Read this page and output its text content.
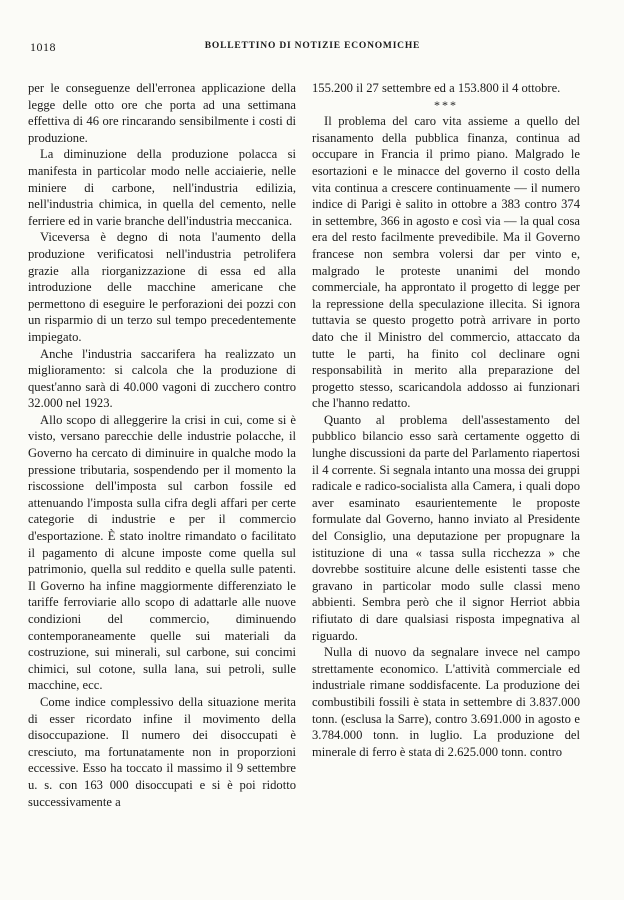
1018	BOLLETTINO DI NOTIZIE ECONOMICHE

per le conseguenze dell'erronea applicazione della legge delle otto ore che porta ad una settimana effettiva di 46 ore rincarando sensibilmente i costi di produzione.

La diminuzione della produzione polacca si manifesta in particolar modo nelle acciaierie, nelle miniere di carbone, nell'industria edilizia, nell'industria chimica, in quella del cemento, nelle ferriere ed in varie branche dell'industria meccanica.

Viceversa è degno di nota l'aumento della produzione verificatosi nell'industria petrolifera grazie alla riorganizzazione di essa ed alla introduzione delle macchine americane che permettono di eseguire le perforazioni dei pozzi con un risparmio di un terzo sul tempo precedentemente impiegato.

Anche l'industria saccarifera ha realizzato un miglioramento: si calcola che la produzione di quest'anno sarà di 40.000 vagoni di zucchero contro 32.000 nel 1923.

Allo scopo di alleggerire la crisi in cui, come si è visto, versano parecchie delle industrie polacche, il Governo ha cercato di diminuire in qualche modo la pressione tributaria, sospendendo per il momento la riscossione dell'imposta sul carbon fossile ed attenuando l'imposta sulla cifra degli affari per certe categorie di industrie e per il commercio d'esportazione. È stato inoltre rimandato o facilitato il pagamento di alcune imposte come quella sul patrimonio, quella sul reddito e quella sulle patenti. Il Governo ha infine maggiormente differenziato le tariffe ferroviarie allo scopo di adattarle alle nuove condizioni del commercio, diminuendo contemporaneamente quelle sui materiali da costruzione, sui minerali, sul carbone, sui concimi chimici, sul cotone, sulla lana, sui petroli, sulle macchine, ecc.

Come indice complessivo della situazione merita di esser ricordato infine il movimento della disoccupazione. Il numero dei disoccupati è cresciuto, ma fortunatamente non in proporzioni eccessive. Esso ha toccato il massimo il 9 settembre u. s. con 163 000 disoccupati e si è poi ridotto successivamente a

155.200 il 27 settembre ed a 153.800 il 4 ottobre.

***

Il problema del caro vita assieme a quello del risanamento della pubblica finanza, continua ad occupare in Francia il primo piano. Malgrado le esortazioni e le minacce del governo il costo della vita continua a crescere continuamente — il numero indice di Parigi è salito in ottobre a 383 contro 374 in settembre, 366 in agosto e così via — la qual cosa era del resto facilmente prevedibile. Ma il Governo francese non sembra volersi dar per vinto e, malgrado le proteste unanimi del mondo commerciale, ha approntato il progetto di legge per la repressione della speculazione illecita. Si ignora tuttavia se questo progetto potrà arrivare in porto dato che il Ministro del commercio, attaccato da tutte le parti, ha finito col declinare ogni responsabilità in merito alla preparazione del progetto stesso, scaricandola addosso ai funzionari che l'hanno redatto.

Quanto al problema dell'assestamento del pubblico bilancio esso sarà certamente oggetto di lunghe discussioni da parte del Parlamento riapertosi il 4 corrente. Si segnala intanto una mossa dei gruppi radicale e radico-socialista alla Camera, i quali dopo aver esaminato esaurientemente le proposte formulate dal Governo, hanno inviato al Presidente del Consiglio, una deputazione per propugnare la istituzione di una « tassa sulla ricchezza » che dovrebbe sostituire alcune delle esistenti tasse che gravano in particolar modo sulle classi meno abbienti. Sembra però che il signor Herriot abbia rifiutato di dare qualsiasi risposta impegnativa al riguardo.

Nulla di nuovo da segnalare invece nel campo strettamente economico. L'attività commerciale ed industriale rimane soddisfacente. La produzione dei combustibili fossili è stata in settembre di 3.837.000 tonn. (esclusa la Sarre), contro 3.691.000 in agosto e 3.784.000 tonn. in luglio. La produzione del minerale di ferro è stata di 2.625.000 tonn. contro
